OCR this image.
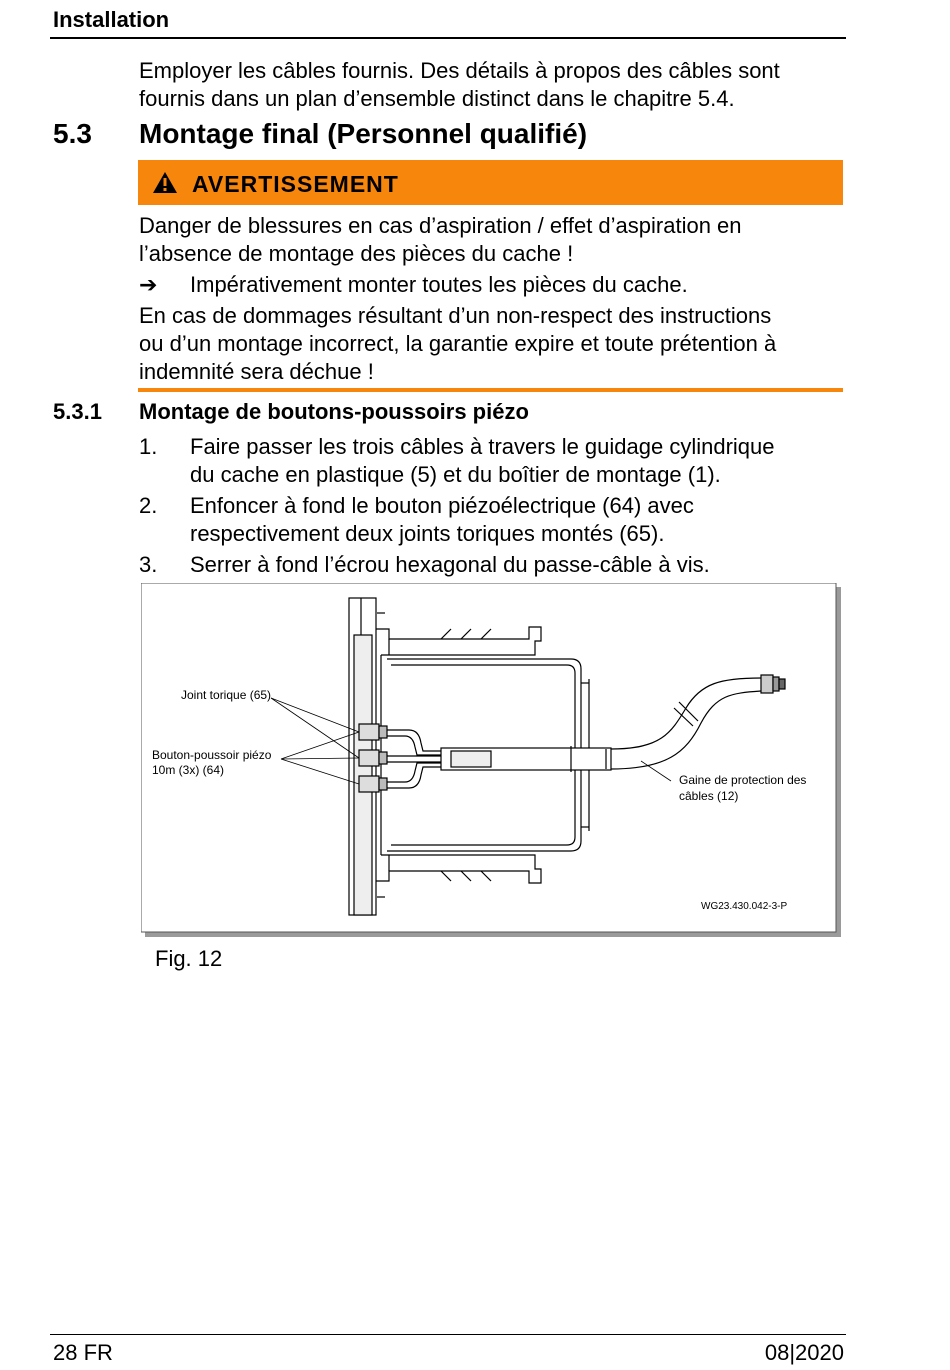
Installation
Employer les câbles fournis. Des détails à propos des câbles sont
fournis dans un plan d’ensemble distinct dans le chapitre 5.4.
5.3 Montage final (Personnel qualifié)
AVERTISSEMENT
Danger de blessures en cas d’aspiration / effet d’aspiration en
l’absence de montage des pièces du cache !
➔ Impérativement monter toutes les pièces du cache.
En cas de dommages résultant d’un non-respect des instructions
ou d’un montage incorrect, la garantie expire et toute prétention à
indemnité sera déchue !
5.3.1 Montage de boutons-poussoirs piézo
1. Faire passer les trois câbles à travers le guidage cylindrique
du cache en plastique (5) et du boîtier de montage (1).
2. Enfoncer à fond le bouton piézoélectrique (64) avec
respectivement deux joints toriques montés (65).
3. Serrer à fond l’écrou hexagonal du passe-câble à vis.
Joint torique (65)
Bouton-poussoir piézo
10m (3x) (64)
Gaine de protection des
câbles (12)
WG23.430.042-3-P
Fig. 12
28 FR	08|2020
